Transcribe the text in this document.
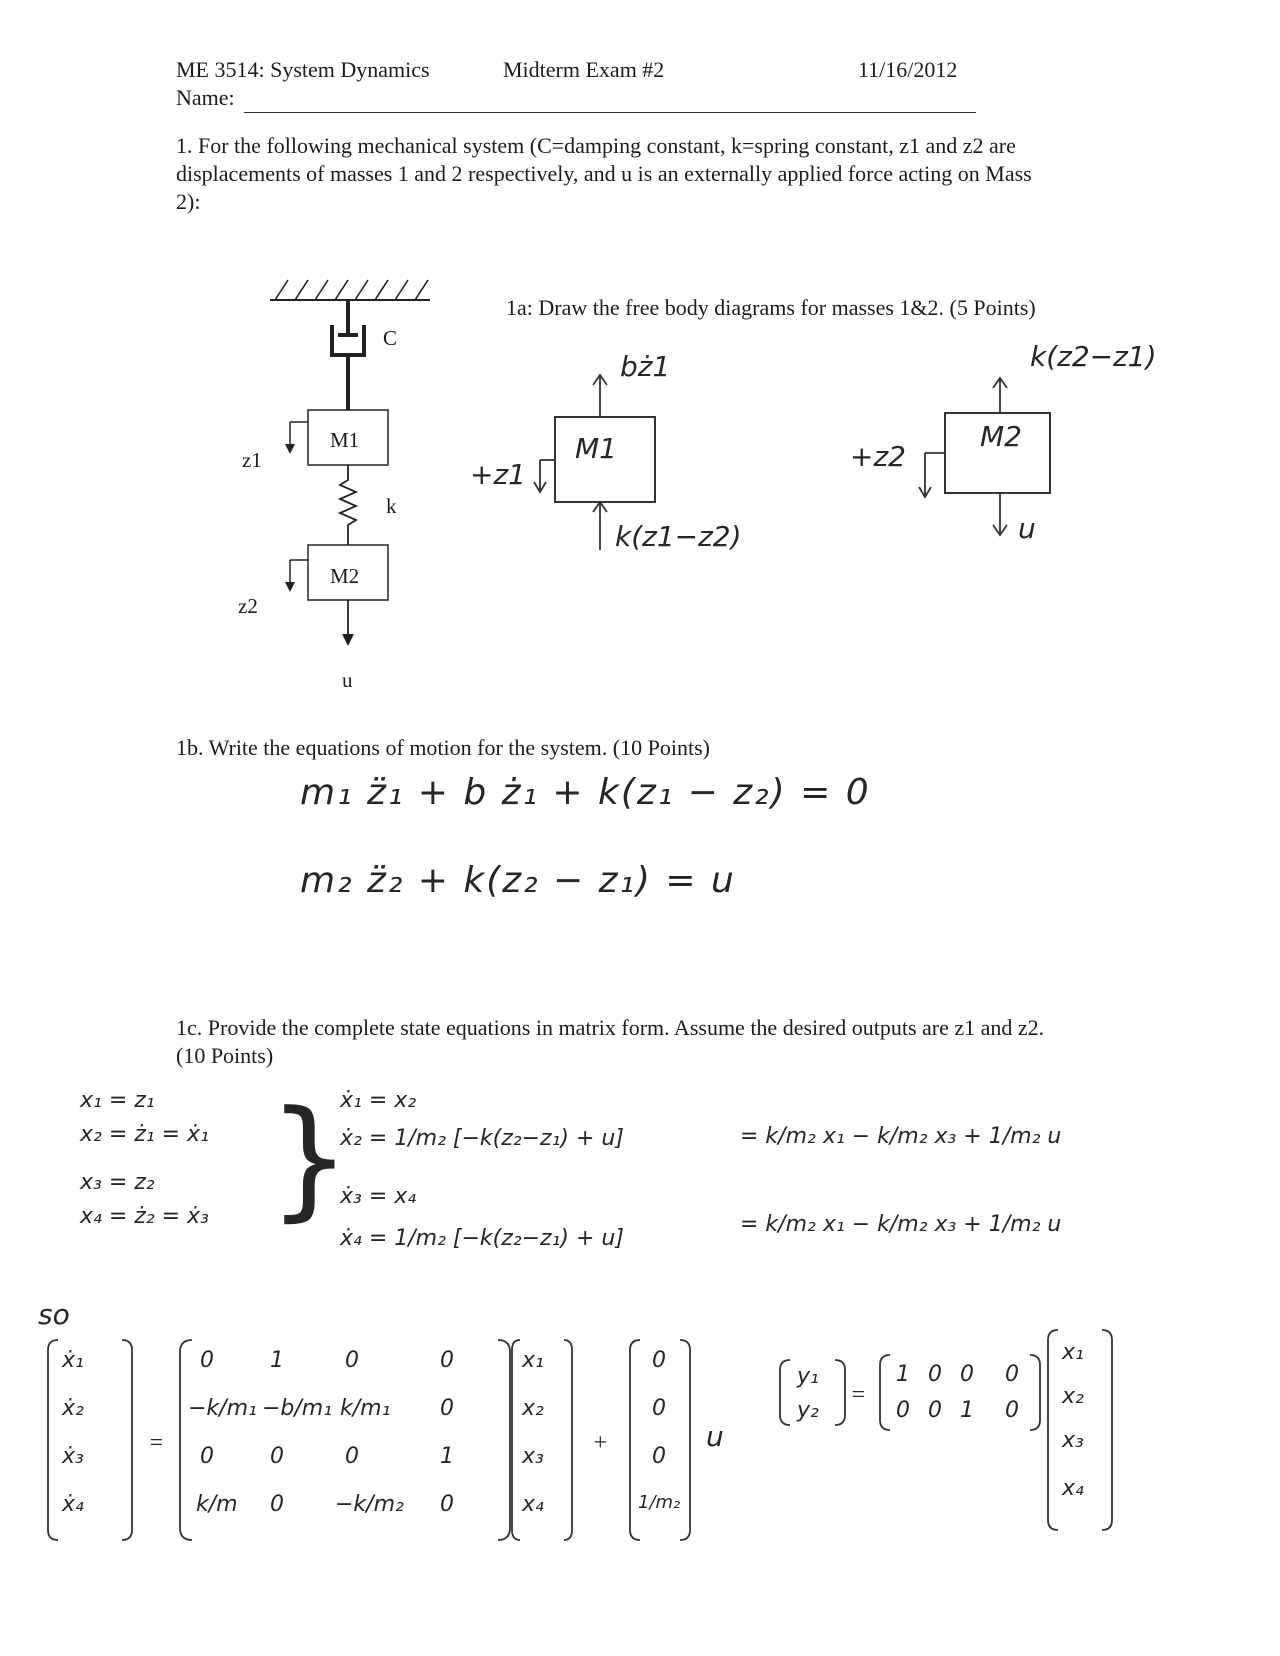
ME 3514: System Dynamics	Midterm Exam #2	11/16/2012
Name:
1. For the following mechanical system (C=damping constant, k=spring constant, z1 and z2 are displacements of masses 1 and 2 respectively, and u is an externally applied force acting on Mass 2):
C
k
M1
M2
z1
z2
u
1a: Draw the free body diagrams for masses 1&2. (5 Points)
M1
bż1
k(z1−z2)
+z1
M2
k(z2−z1)
u
+z2
1b. Write the equations of motion for the system. (10 Points)
m₁ z̈₁ + b ż₁ + k(z₁ − z₂) = 0
m₂ z̈₂ + k(z₂ − z₁) = u
1c. Provide the complete state equations in matrix form. Assume the desired outputs are z1 and z2. (10 Points)
x₁ = z₁
x₂ = ż₁ = ẋ₁
x₃ = z₂
x₄ = ż₂ = ẋ₃ }
ẋ₁ = x₂
ẋ₂ = 1/m₂ [−k(z₂−z₁) + u]
ẋ₃ = x₄
ẋ₄ = 1/m₂ [−k(z₂−z₁) + u]
= k/m₂ x₁ − k/m₂ x₃ + 1/m₂ u
= k/m₂ x₁ − k/m₂ x₃ + 1/m₂ u
so
=	+
=
ẋ₁
ẋ₂
ẋ₃
ẋ₄
0	1	0	0
−k/m₁ −b/m₁ k/m₁ 0
0	0	0	1
k/m 0 −k/m₂ 0
x₁
x₂
x₃
x₄
0
0
0
1/m₂
u
y₁
y₂
1 0 0 0
0 0 1 0
x₁
x₂
x₃
x₄
